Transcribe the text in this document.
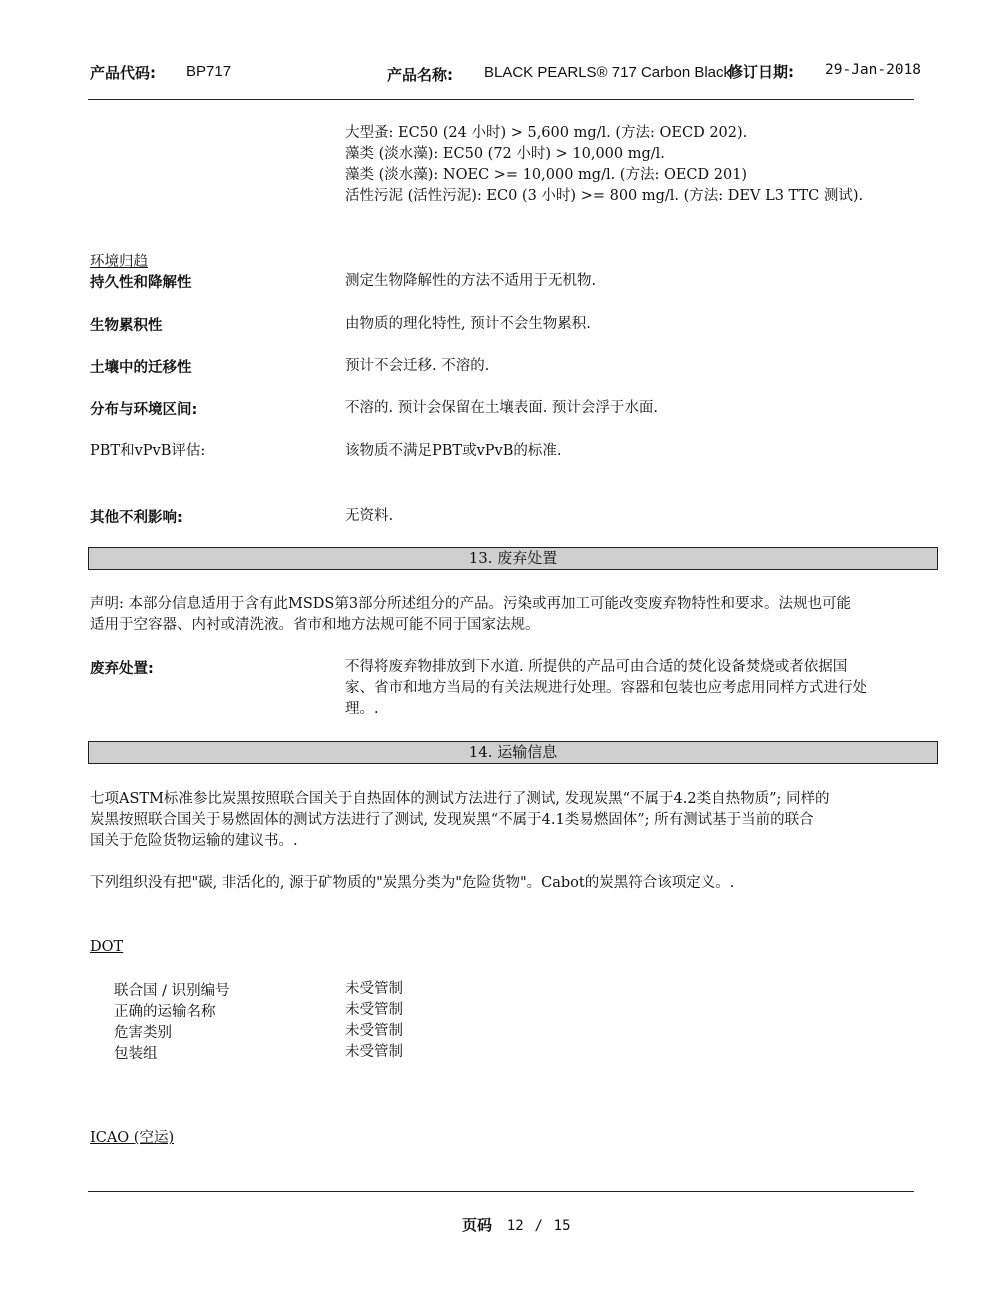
产品代码: BP717	产品名称: BLACK PEARLS® 717 Carbon Black
修订日期: 29-Jan-2018
大型蚤: EC50 (24 小时) > 5,600 mg/l. (方法: OECD 202).
藻类 (淡水藻): EC50 (72 小时) > 10,000 mg/l.
藻类 (淡水藻): NOEC >= 10,000 mg/l. (方法: OECD 201)
活性污泥 (活性污泥): EC0 (3 小时) >= 800 mg/l. (方法: DEV L3 TTC 测试).
环境归趋
持久性和降解性	测定生物降解性的方法不适用于无机物.
生物累积性	由物质的理化特性, 预计不会生物累积.
土壤中的迁移性	预计不会迁移. 不溶的.
分布与环境区间:	不溶的. 预计会保留在土壤表面. 预计会浮于水面.
PBT和vPvB评估:	该物质不满足PBT或vPvB的标准.
其他不利影响:	无资料.
13. 废弃处置
声明: 本部分信息适用于含有此MSDS第3部分所述组分的产品。污染或再加工可能改变废弃物特性和要求。法规也可能
适用于空容器、内衬或清洗液。省市和地方法规可能不同于国家法规。
废弃处置:	不得将废弃物排放到下水道. 所提供的产品可由合适的焚化设备焚烧或者依据国
家、省市和地方当局的有关法规进行处理。容器和包装也应考虑用同样方式进行处
理。.
14. 运输信息
七项ASTM标准参比炭黑按照联合国关于自热固体的测试方法进行了测试, 发现炭黑“不属于4.2类自热物质”; 同样的
炭黑按照联合国关于易燃固体的测试方法进行了测试, 发现炭黑“不属于4.1类易燃固体”; 所有测试基于当前的联合
国关于危险货物运输的建议书。.
下列组织没有把"碳, 非活化的, 源于矿物质的"炭黑分类为"危险货物"。Cabot的炭黑符合该项定义。.
DOT
联合国 / 识别编号	未受管制
正确的运输名称	未受管制
危害类别	未受管制
包装组	未受管制
ICAO (空运)
页码 12 / 15
